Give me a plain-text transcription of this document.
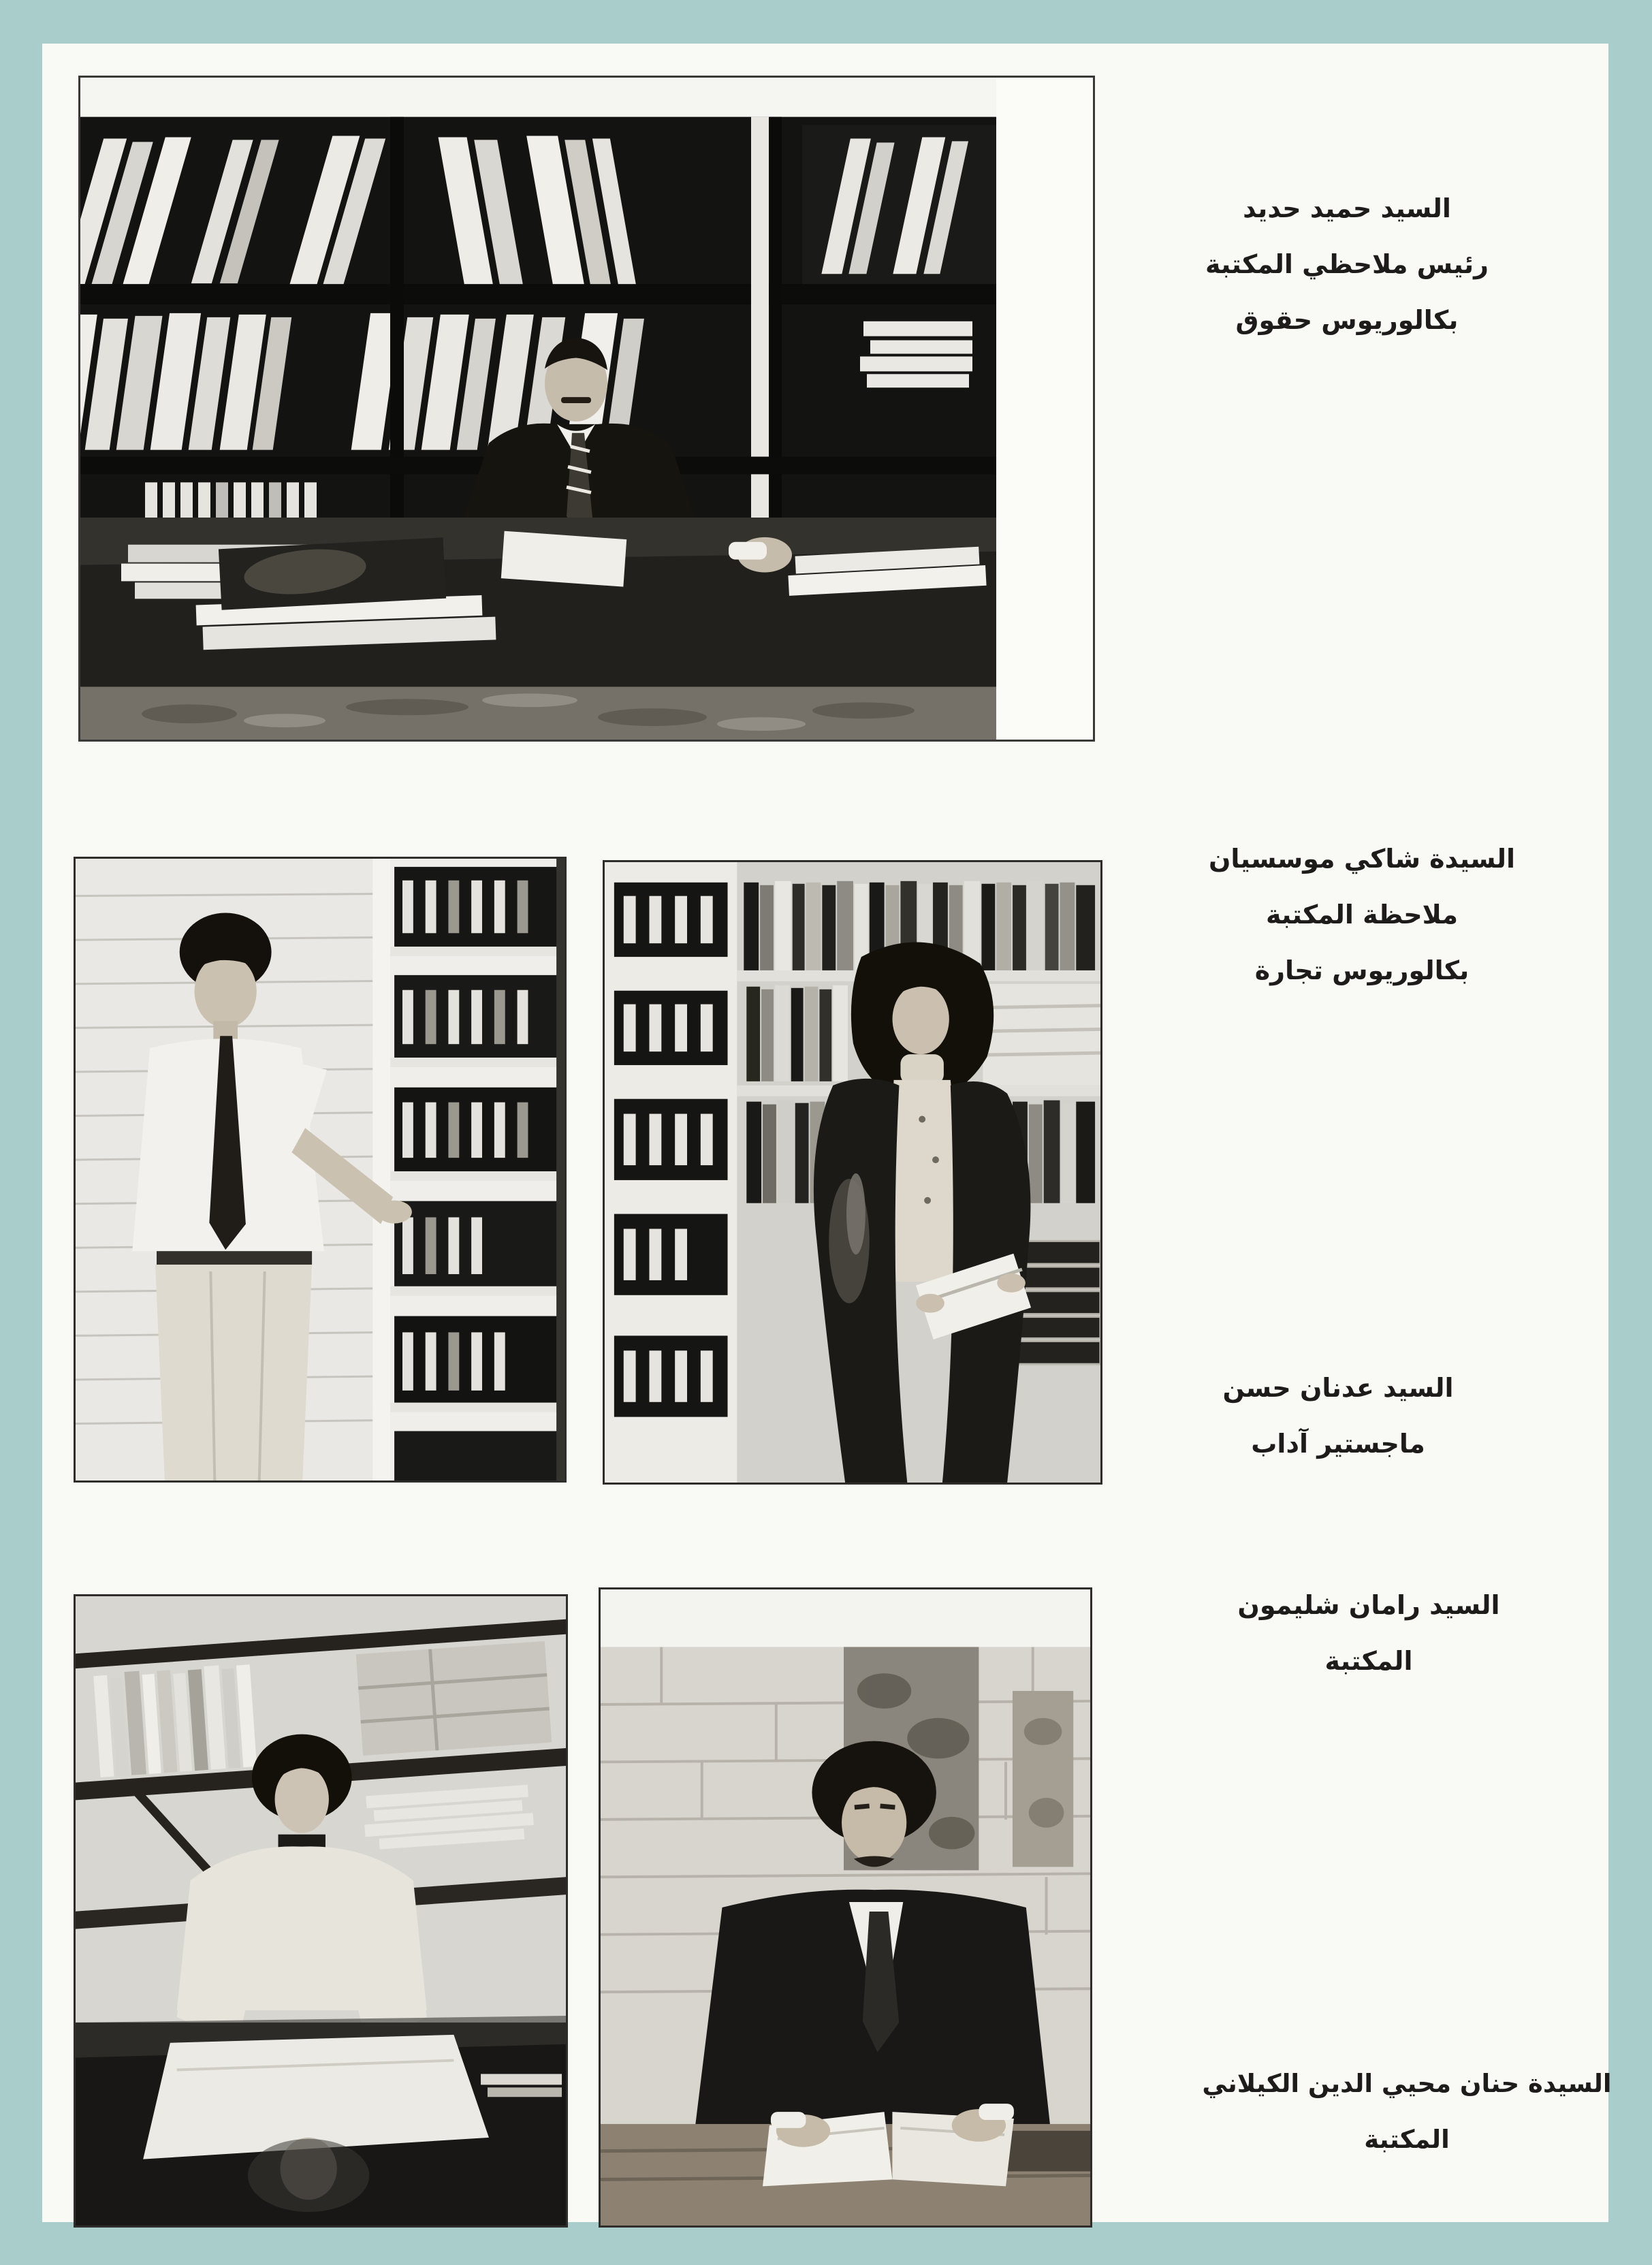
السيد حميد حديد
رئيس ملاحظي المكتبة
بكالوريوس حقوق
السيدة شاكي موسسيان
ملاحظة المكتبة
بكالوريوس تجارة
السيد عدنان حسن
ماجستير آداب
السيد رامان شليمون
المكتبة
السيدة حنان محيي الدين الكيلاني
المكتبة
